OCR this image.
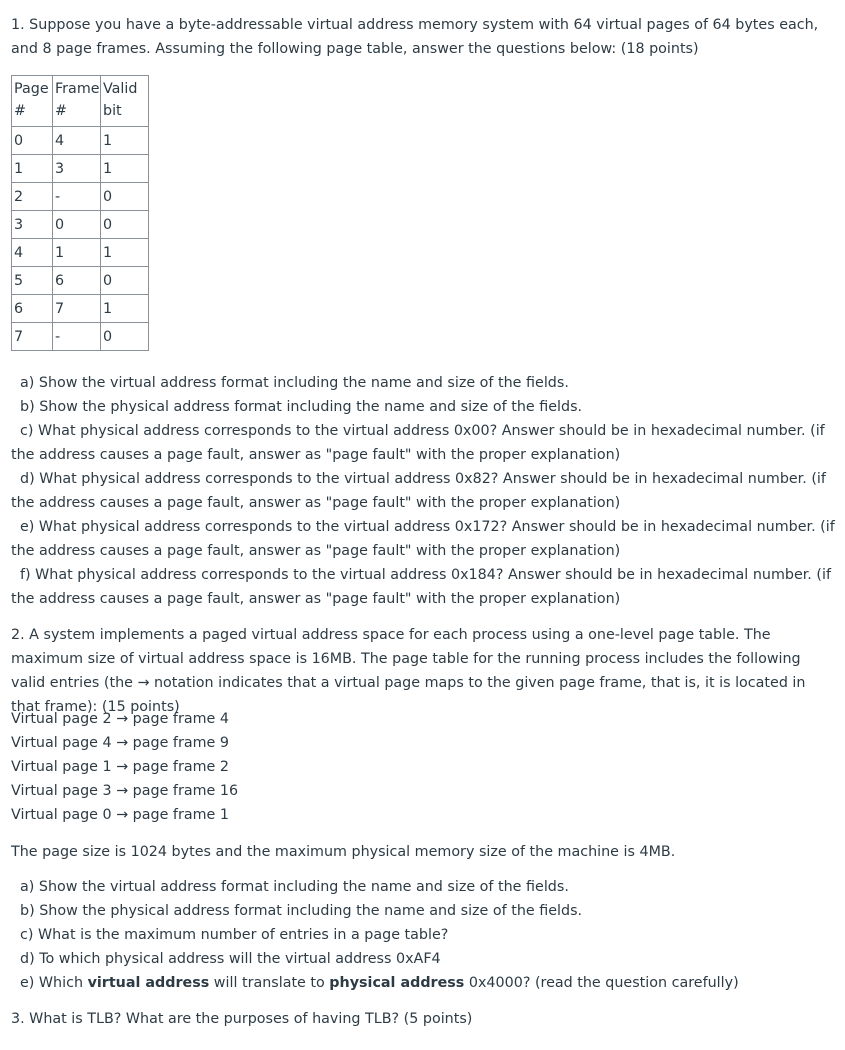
1. Suppose you have a byte-addressable virtual address memory system with 64 virtual pages of 64 bytes each, and 8 page frames. Assuming the following page table, answer the questions below: (18 points)
Page #	Frame #	Valid bit
0	4	1
1	3	1
2	-	0
3	0	0
4	1	1
5	6	0
6	7	1
7	-	0
a) Show the virtual address format including the name and size of the fields.
b) Show the physical address format including the name and size of the fields.
c) What physical address corresponds to the virtual address 0x00? Answer should be in hexadecimal number. (if the address causes a page fault, answer as "page fault" with the proper explanation)
d) What physical address corresponds to the virtual address 0x82? Answer should be in hexadecimal number. (if the address causes a page fault, answer as "page fault" with the proper explanation)
e) What physical address corresponds to the virtual address 0x172? Answer should be in hexadecimal number. (if the address causes a page fault, answer as "page fault" with the proper explanation)
f) What physical address corresponds to the virtual address 0x184? Answer should be in hexadecimal number. (if the address causes a page fault, answer as "page fault" with the proper explanation)
2. A system implements a paged virtual address space for each process using a one-level page table. The maximum size of virtual address space is 16MB. The page table for the running process includes the following valid entries (the → notation indicates that a virtual page maps to the given page frame, that is, it is located in that frame): (15 points)
Virtual page 2 → page frame 4
Virtual page 4 → page frame 9
Virtual page 1 → page frame 2
Virtual page 3 → page frame 16
Virtual page 0 → page frame 1
The page size is 1024 bytes and the maximum physical memory size of the machine is 4MB.
a) Show the virtual address format including the name and size of the fields.
b) Show the physical address format including the name and size of the fields.
c) What is the maximum number of entries in a page table?
d) To which physical address will the virtual address 0xAF4
e) Which virtual address will translate to physical address 0x4000? (read the question carefully)
3. What is TLB? What are the purposes of having TLB? (5 points)
